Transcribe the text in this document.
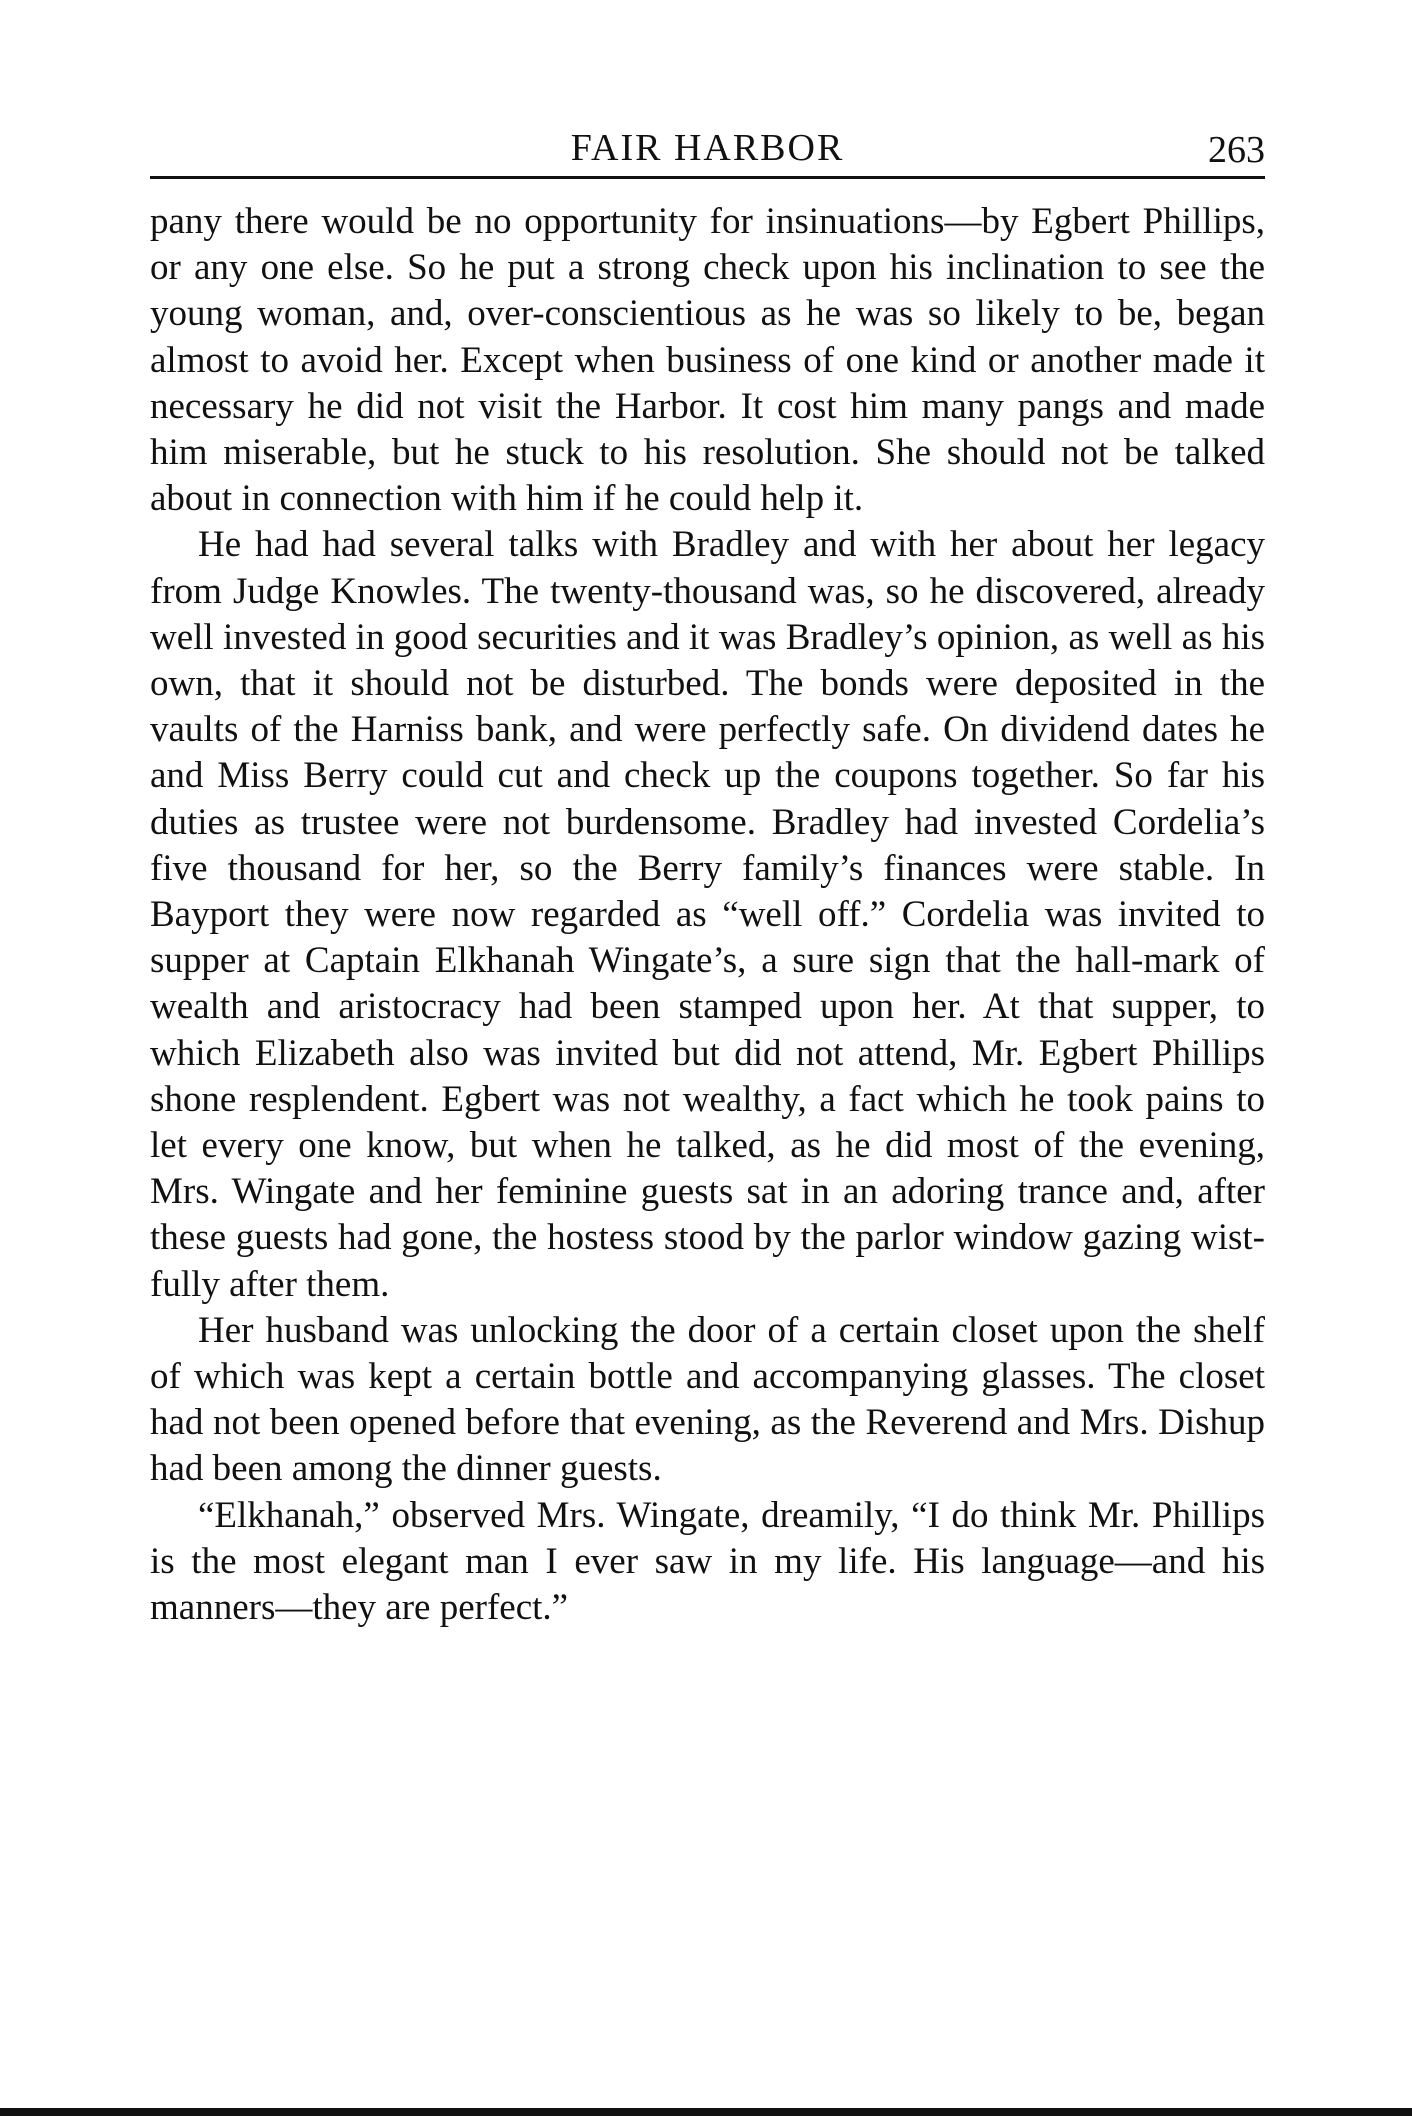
FAIR HARBOR	263

pany there would be no opportunity for insinuations—by Egbert Phillips, or any one else. So he put a strong check upon his inclination to see the young woman, and, over-conscientious as he was so likely to be, began almost to avoid her. Except when business of one kind or another made it necessary he did not visit the Harbor. It cost him many pangs and made him miserable, but he stuck to his resolution. She should not be talked about in connection with him if he could help it.

He had had several talks with Bradley and with her about her legacy from Judge Knowles. The twenty-thousand was, so he discovered, already well invested in good securities and it was Bradley’s opinion, as well as his own, that it should not be disturbed. The bonds were deposited in the vaults of the Harniss bank, and were perfectly safe. On dividend dates he and Miss Berry could cut and check up the coupons together. So far his duties as trustee were not burdensome. Bradley had invested Cordelia’s five thousand for her, so the Berry family’s finances were stable. In Bayport they were now regarded as “well off.” Cordelia was invited to supper at Captain Elkhanah Wingate’s, a sure sign that the hall-mark of wealth and aristocracy had been stamped upon her. At that supper, to which Elizabeth also was invited but did not attend, Mr. Egbert Phillips shone resplendent. Egbert was not wealthy, a fact which he took pains to let every one know, but when he talked, as he did most of the evening, Mrs. Wingate and her feminine guests sat in an adoring trance and, after these guests had gone, the hostess stood by the parlor window gazing wistfully after them.

Her husband was unlocking the door of a certain closet upon the shelf of which was kept a certain bottle and accompanying glasses. The closet had not been opened before that evening, as the Reverend and Mrs. Dishup had been among the dinner guests.

“Elkhanah,” observed Mrs. Wingate, dreamily, “I do think Mr. Phillips is the most elegant man I ever saw in my life. His language—and his manners—they are perfect.”
